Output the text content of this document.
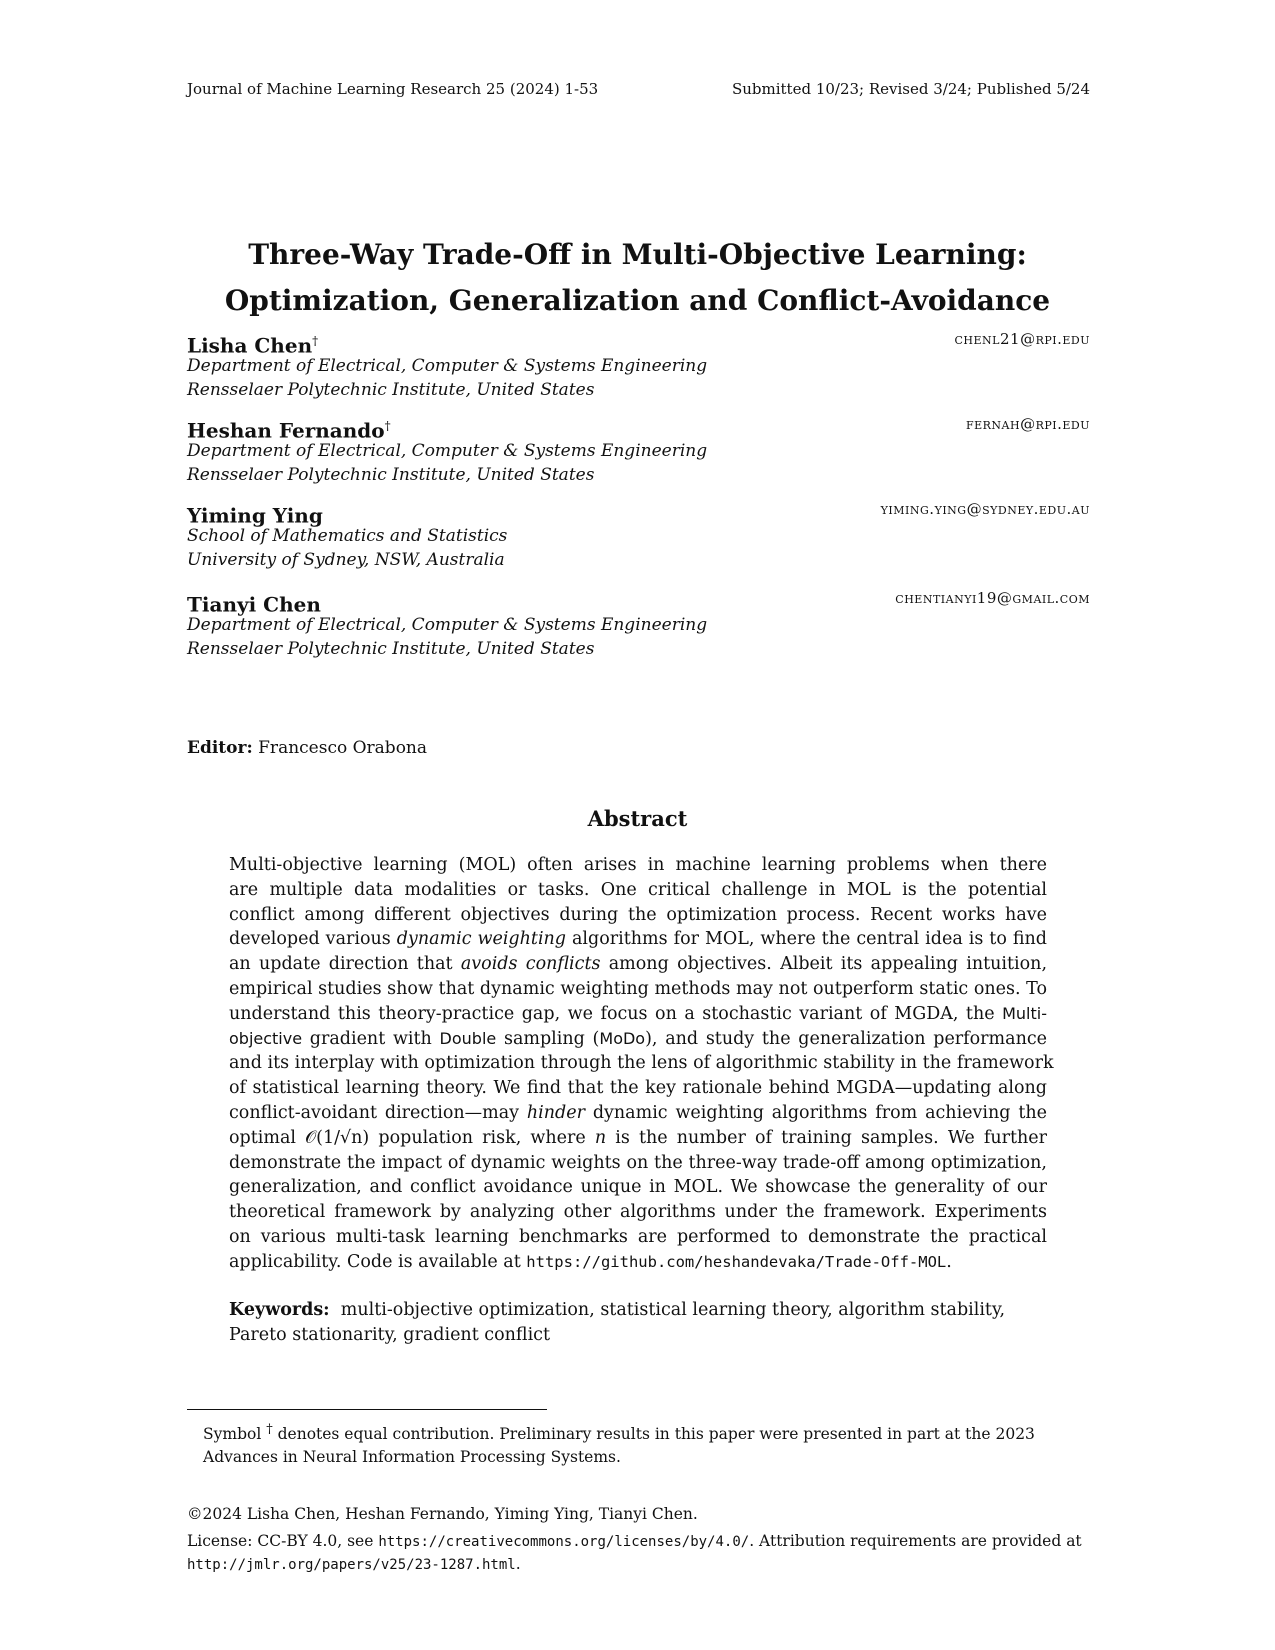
Journal of Machine Learning Research 25 (2024) 1-53	Submitted 10/23; Revised 3/24; Published 5/24
Three-Way Trade-Off in Multi-Objective Learning:
Optimization, Generalization and Conflict-Avoidance
Lisha Chen†	chenl21@rpi.edu
Department of Electrical, Computer & Systems Engineering
Rensselaer Polytechnic Institute, United States
Heshan Fernando†	fernah@rpi.edu
Department of Electrical, Computer & Systems Engineering
Rensselaer Polytechnic Institute, United States
Yiming Ying	yiming.ying@sydney.edu.au
School of Mathematics and Statistics
University of Sydney, NSW, Australia
Tianyi Chen	chentianyi19@gmail.com
Department of Electrical, Computer & Systems Engineering
Rensselaer Polytechnic Institute, United States
Editor: Francesco Orabona
Abstract
Multi-objective learning (MOL) often arises in machine learning problems when there
are multiple data modalities or tasks. One critical challenge in MOL is the potential
conflict among different objectives during the optimization process. Recent works have
developed various dynamic weighting algorithms for MOL, where the central idea is to find
an update direction that avoids conflicts among objectives. Albeit its appealing intuition,
empirical studies show that dynamic weighting methods may not outperform static ones. To
understand this theory-practice gap, we focus on a stochastic variant of MGDA, the Multi-
objective gradient with Double sampling (MoDo), and study the generalization performance
and its interplay with optimization through the lens of algorithmic stability in the framework
of statistical learning theory. We find that the key rationale behind MGDA—updating along
conflict-avoidant direction—may hinder dynamic weighting algorithms from achieving the
optimal 𝒪(1/√n) population risk, where n is the number of training samples. We further
demonstrate the impact of dynamic weights on the three-way trade-off among optimization,
generalization, and conflict avoidance unique in MOL. We showcase the generality of our
theoretical framework by analyzing other algorithms under the framework. Experiments
on various multi-task learning benchmarks are performed to demonstrate the practical
applicability. Code is available at https://github.com/heshandevaka/Trade-Off-MOL.
Keywords: multi-objective optimization, statistical learning theory, algorithm stability, Pareto stationarity, gradient conflict
Symbol † denotes equal contribution. Preliminary results in this paper were presented in part at the 2023 Advances in Neural Information Processing Systems.
©2024 Lisha Chen, Heshan Fernando, Yiming Ying, Tianyi Chen.
License: CC-BY 4.0, see https://creativecommons.org/licenses/by/4.0/. Attribution requirements are provided at http://jmlr.org/papers/v25/23-1287.html.
